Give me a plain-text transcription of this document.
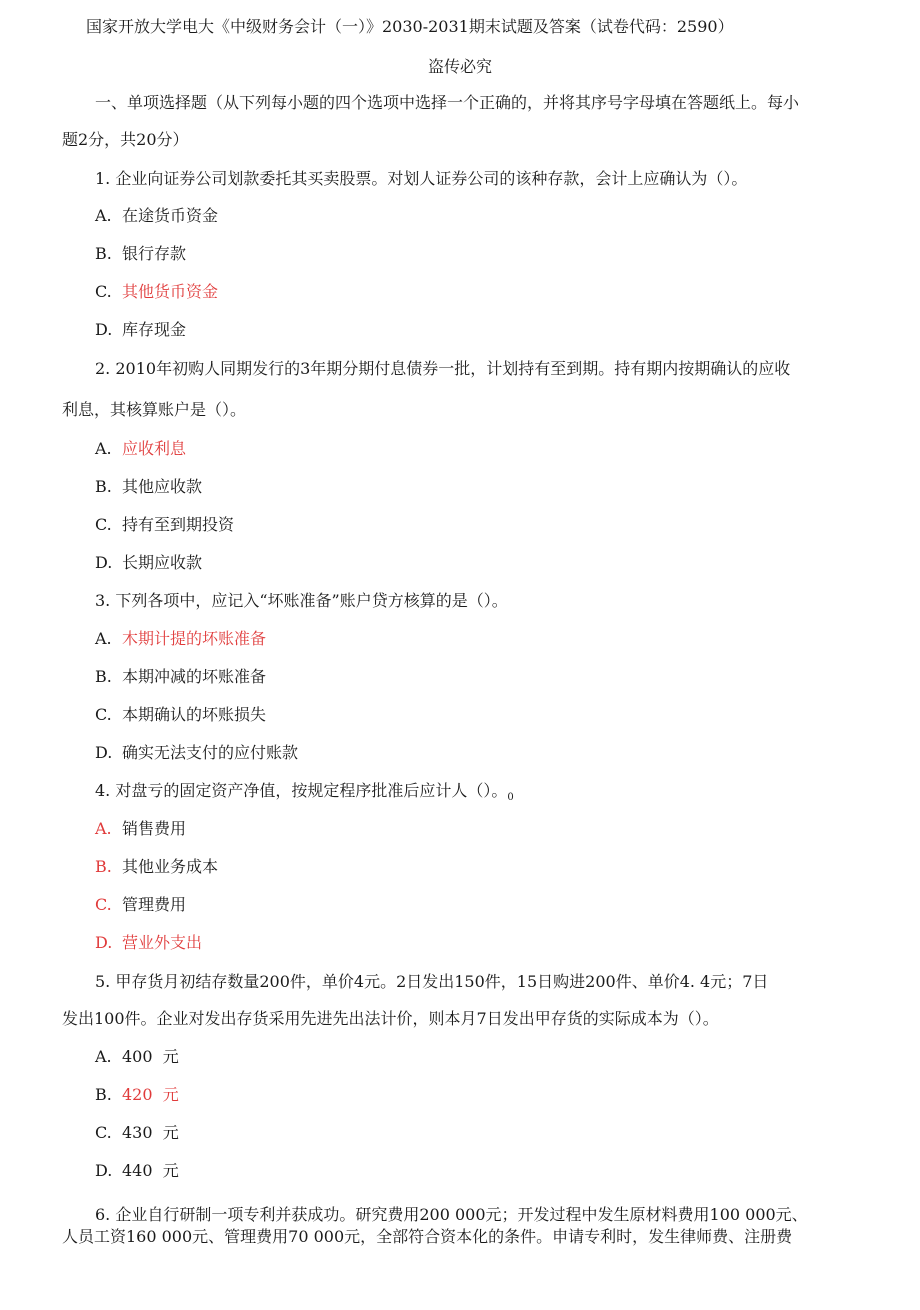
国家开放大学电大《中级财务会计（一）》2030-2031期末试题及答案（试卷代码：2590）
盗传必究
一、单项选择题（从下列每小题的四个选项中选择一个正确的，并将其序号字母填在答题纸上。每小
题2分，共20分）
1. 企业向证券公司划款委托其买卖股票。对划人证券公司的该种存款，会计上应确认为（）。
A. 在途货币资金
B. 银行存款
C. 其他货币资金
D. 库存现金
2. 2010年初购人同期发行的3年期分期付息债券一批，计划持有至到期。持有期内按期确认的应收
利息，其核算账户是（）。
A. 应收利息
B. 其他应收款
C. 持有至到期投资
D. 长期应收款
3. 下列各项中，应记入“坏账准备”账户贷方核算的是（）。
A. 木期计提的坏账准备
B. 本期冲减的坏账准备
C. 本期确认的坏账损失
D. 确实无法支付的应付账款
4. 对盘亏的固定资产净值，按规定程序批准后应计人（）。$_0$
A. 销售费用
B. 其他业务成本
C. 管理费用
D. 营业外支出
5. 甲存货月初结存数量200件，单价4元。2日发出150件，15日购进200件、单价4. 4元；7日
发出100件。企业对发出存货采用先进先出法计价，则本月7日发出甲存货的实际成本为（）。
A. 400  元
B. 420  元
C. 430  元
D. 440  元
6. 企业自行研制一项专利并获成功。研究费用200 000元；开发过程中发生原材料费用100 000元、
人员工资160 000元、管理费用70 000元，全部符合资本化的条件。申请专利时，发生律师费、注册费
